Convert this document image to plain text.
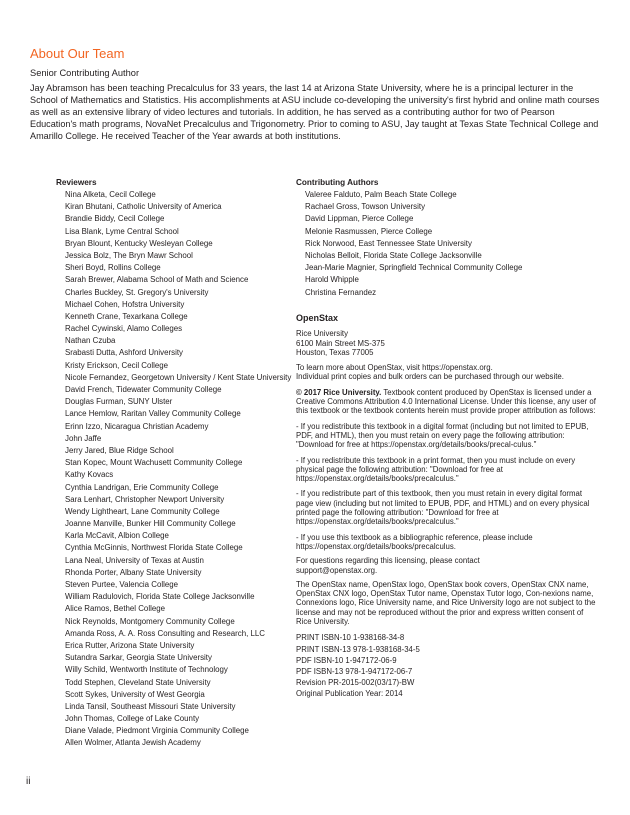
About Our Team
Senior Contributing Author
Jay Abramson has been teaching Precalculus for 33 years, the last 14 at Arizona State University, where he is a principal lecturer in the School of Mathematics and Statistics. His accomplishments at ASU include co-developing the university's first hybrid and online math courses as well as an extensive library of video lectures and tutorials. In addition, he has served as a contributing author for two of Pearson Education's math programs, NovaNet Precalculus and Trigonometry. Prior to coming to ASU, Jay taught at Texas State Technical College and Amarillo College. He received Teacher of the Year awards at both institutions.
Reviewers
Nina Alketa, Cecil College
Kiran Bhutani, Catholic University of America
Brandie Biddy, Cecil College
Lisa Blank, Lyme Central School
Bryan Blount, Kentucky Wesleyan College
Jessica Bolz, The Bryn Mawr School
Sheri Boyd, Rollins College
Sarah Brewer, Alabama School of Math and Science
Charles Buckley, St. Gregory's University
Michael Cohen, Hofstra University
Kenneth Crane, Texarkana College
Rachel Cywinski, Alamo Colleges
Nathan Czuba
Srabasti Dutta, Ashford University
Kristy Erickson, Cecil College
Nicole Fernandez, Georgetown University / Kent State University
David French, Tidewater Community College
Douglas Furman, SUNY Ulster
Lance Hemlow, Raritan Valley Community College
Erinn Izzo, Nicaragua Christian Academy
John Jaffe
Jerry Jared, Blue Ridge School
Stan Kopec, Mount Wachusett Community College
Kathy Kovacs
Cynthia Landrigan, Erie Community College
Sara Lenhart, Christopher Newport University
Wendy Lightheart, Lane Community College
Joanne Manville, Bunker Hill Community College
Karla McCavit, Albion College
Cynthia McGinnis, Northwest Florida State College
Lana Neal, University of Texas at Austin
Rhonda Porter, Albany State University
Steven Purtee, Valencia College
William Radulovich, Florida State College Jacksonville
Alice Ramos, Bethel College
Nick Reynolds, Montgomery Community College
Amanda Ross, A. A. Ross Consulting and Research, LLC
Erica Rutter, Arizona State University
Sutandra Sarkar, Georgia State University
Willy Schild, Wentworth Institute of Technology
Todd Stephen, Cleveland State University
Scott Sykes, University of West Georgia
Linda Tansil, Southeast Missouri State University
John Thomas, College of Lake County
Diane Valade, Piedmont Virginia Community College
Allen Wolmer, Atlanta Jewish Academy
Contributing Authors
Valeree Falduto, Palm Beach State College
Rachael Gross, Towson University
David Lippman, Pierce College
Melonie Rasmussen, Pierce College
Rick Norwood, East Tennessee State University
Nicholas Belloit, Florida State College Jacksonville
Jean-Marie Magnier, Springfield Technical Community College
Harold Whipple
Christina Fernandez

OpenStax

Rice University

6100 Main Street MS-375

Houston, Texas 77005

To learn more about OpenStax, visit https://openstax.org.

Individual print copies and bulk orders can be purchased through our website.

© 2017 Rice University. Textbook content produced by OpenStax is licensed under a Creative Commons Attribution 4.0 International License. Under this license, any user of this textbook or the textbook contents herein must provide proper attribution as follows:

- If you redistribute this textbook in a digital format (including but not limited to EPUB, PDF, and HTML), then you must retain on every page the following attribution: "Download for free at https://openstax.org/details/books/precal-culus."

- If you redistribute this textbook in a print format, then you must include on every physical page the following attribution: "Download for free at https://openstax.org/details/books/precalculus."

- If you redistribute part of this textbook, then you must retain in every digital format page view (including but not limited to EPUB, PDF, and HTML) and on every physical printed page the following attribution: "Download for free at https://openstax.org/details/books/precalculus."

- If you use this textbook as a bibliographic reference, please include https://openstax.org/details/books/precalculus.

For questions regarding this licensing, please contact

support@openstax.org.

The OpenStax name, OpenStax logo, OpenStax book covers, OpenStax CNX name, OpenStax CNX logo, OpenStax Tutor name, Openstax Tutor logo, Con-nexions name, Connexions logo, Rice University name, and Rice University logo are not subject to the license and may not be reproduced without the prior and express written consent of Rice University.

PRINT ISBN-10 1-938168-34-8
PRINT ISBN-13 978-1-938168-34-5
PDF ISBN-10 1-947172-06-9
PDF ISBN-13 978-1-947172-06-7
Revision PR-2015-002(03/17)-BW
Original Publication Year: 2014
ii
